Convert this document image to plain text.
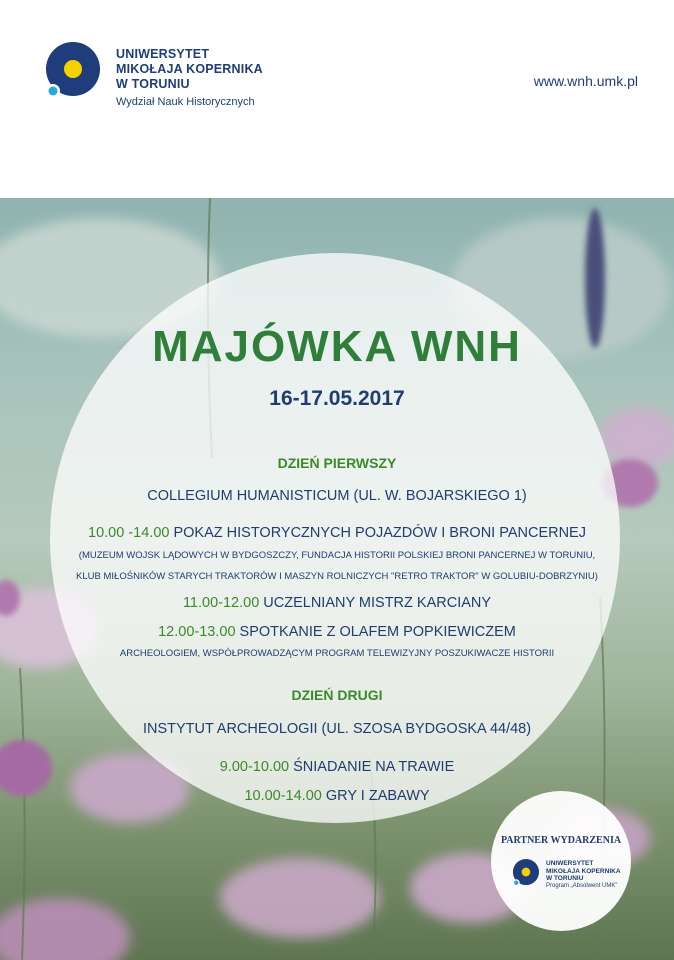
UNIWERSYTET
MIKOŁAJA KOPERNIKA
W TORUNIU
Wydział Nauk Historycznych
www.wnh.umk.pl
MAJÓWKA WNH
16-17.05.2017
DZIEŃ PIERWSZY
COLLEGIUM HUMANISTICUM (UL. W. BOJARSKIEGO 1)
10.00 -14.00 POKAZ HISTORYCZNYCH POJAZDÓW I BRONI PANCERNEJ
(MUZEUM WOJSK LĄDOWYCH W BYDGOSZCZY, FUNDACJA HISTORII POLSKIEJ BRONI PANCERNEJ W TORUNIU,
KLUB MIŁOŚNIKÓW STARYCH TRAKTORÓW I MASZYN ROLNICZYCH "RETRO TRAKTOR" W GOLUBIU-DOBRZYNIU)
11.00-12.00 UCZELNIANY MISTRZ KARCIANY
12.00-13.00 SPOTKANIE Z OLAFEM POPKIEWICZEM
ARCHEOLOGIEM, WSPÓŁPROWADZĄCYM PROGRAM TELEWIZYJNY POSZUKIWACZE HISTORII
DZIEŃ DRUGI
INSTYTUT ARCHEOLOGII (UL. SZOSA BYDGOSKA 44/48)
9.00-10.00 ŚNIADANIE NA TRAWIE
10.00-14.00 GRY I ZABAWY
PARTNER WYDARZENIA
UNIWERSYTET
MIKOŁAJA KOPERNIKA
W TORUNIU
Program „Absolwent UMK”
